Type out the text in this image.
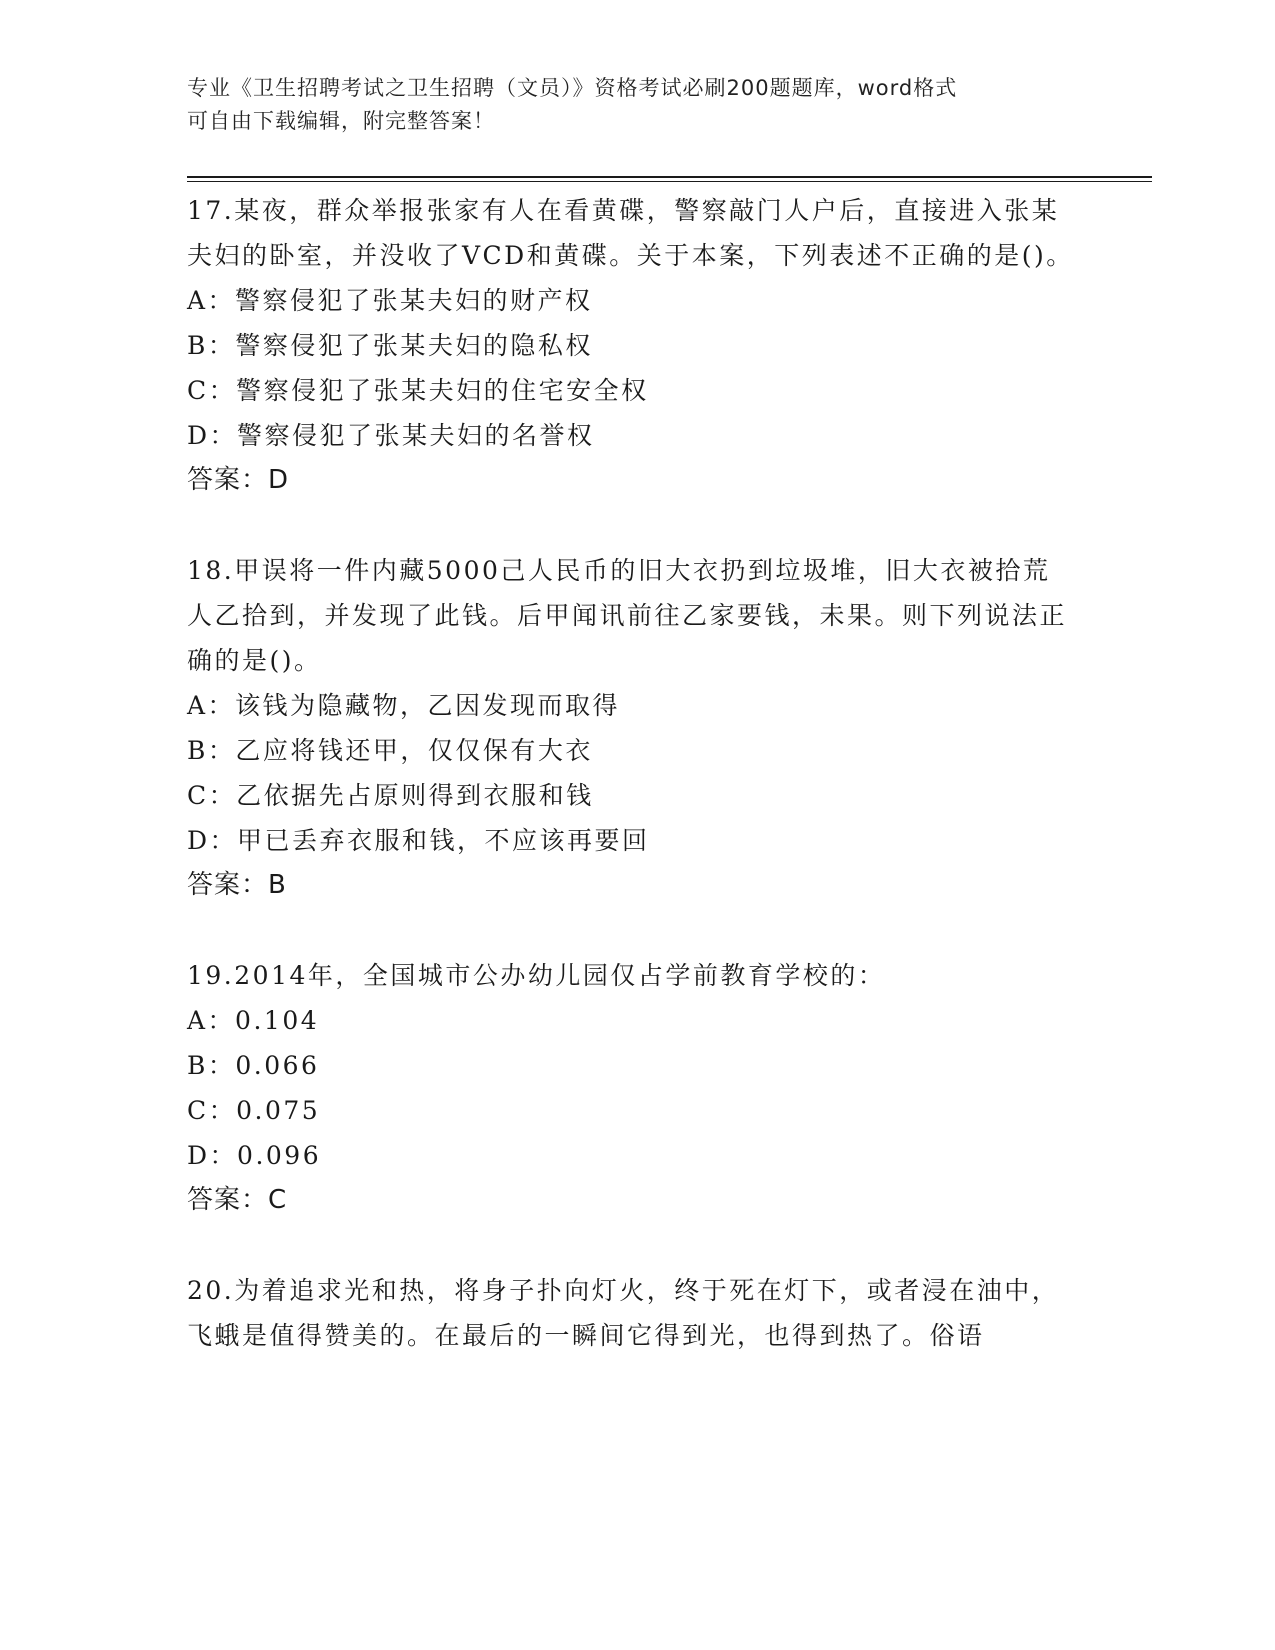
专业《卫生招聘考试之卫生招聘（文员）》资格考试必刷200题题库，word格式
可自由下载编辑，附完整答案！
17.某夜，群众举报张家有人在看黄碟，警察敲门人户后，直接进入张某夫妇的卧室，并没收了VCD和黄碟。关于本案，下列表述不正确的是()。
A：警察侵犯了张某夫妇的财产权
B：警察侵犯了张某夫妇的隐私权
C：警察侵犯了张某夫妇的住宅安全权
D：警察侵犯了张某夫妇的名誉权
答案：D
18.甲误将一件内藏5000己人民币的旧大衣扔到垃圾堆，旧大衣被拾荒人乙拾到，并发现了此钱。后甲闻讯前往乙家要钱，未果。则下列说法正确的是()。
A：该钱为隐藏物，乙因发现而取得
B：乙应将钱还甲，仅仅保有大衣
C：乙依据先占原则得到衣服和钱
D：甲已丢弃衣服和钱，不应该再要回
答案：B
19.2014年，全国城市公办幼儿园仅占学前教育学校的：
A：0.104
B：0.066
C：0.075
D：0.096
答案：C
20.为着追求光和热，将身子扑向灯火，终于死在灯下，或者浸在油中，飞蛾是值得赞美的。在最后的一瞬间它得到光，也得到热了。俗语
